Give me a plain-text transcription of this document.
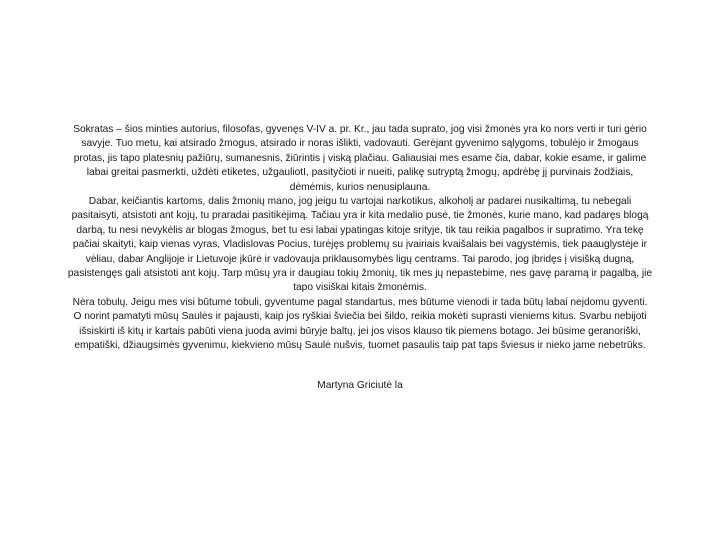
Sokratas – šios minties autorius, filosofas, gyvenęs V-IV a. pr. Kr., jau tada suprato, jog visi žmonės yra ko nors verti ir turi gėrio
savyje. Tuo metu, kai atsirado žmogus, atsirado ir noras išlikti, vadovauti. Gerėjant gyvenimo sąlygoms, tobulėjo ir žmogaus
protas, jis tapo platesnių pažiūrų, sumanesnis, žiūrintis į viską plačiau. Galiausiai mes esame čia, dabar, kokie esame, ir galime
labai greitai pasmerkti, uždėti etiketes, užgauliotI, pasityčioti ir nueiti, palikę sutryptą žmogų, apdrėbę jį purvinais žodžiais,
dėmėmis, kurios nenusiplauna.

Dabar, keičiantis kartoms, dalis žmonių mano, jog jeigu tu vartojai narkotikus, alkoholį ar padarei nusikaltimą, tu nebegali
pasitaisyti, atsistoti ant kojų, tu praradai pasitikėjimą. Tačiau yra ir kita medalio pusė, tie žmonės, kurie mano, kad padaręs blogą
darbą, tu nesi nevykėlis ar blogas žmogus, bet tu esi labai ypatingas kitoje srityje, tik tau reikia pagalbos ir supratimo. Yra tekę
pačiai skaityti, kaip vienas vyras, Vladislovas Pocius, turėjęs problemų su įvairiais kvaišalais bei vagystėmis, tiek paauglystėje ir
vėliau, dabar Anglijoje ir Lietuvoje įkūrė ir vadovauja priklausomybės ligų centrams. Tai parodo, jog įbridęs į visišką dugną,
pasistengęs gali atsistoti ant kojų. Tarp mūsų yra ir daugiau tokių žmonių, tik mes jų nepastebime, nes gavę paramą ir pagalbą, jie
tapo visiškai kitais žmonėmis.

Nėra tobulų. Jeigu mes visi būtume tobuli, gyventume pagal standartus, mes būtume vienodi ir tada būtų labai neįdomu gyventi.
O norint pamatyti mūsų Saulės ir pajausti, kaip jos ryškiai šviečia bei šildo, reikia mokėti suprasti vieniems kitus. Svarbu nebijoti
išsiskirti iš kitų ir kartais pabūti viena juoda avimi būryje baltų, jei jos visos klauso tik piemens botago. Jei būsime geranoriški,
empatiški, džiaugsimės gyvenimu, kiekvieno mūsų Saulė nušvis, tuomet pasaulis taip pat taps šviesus ir nieko jame nebetrūks.

Martyna Griciutė la
